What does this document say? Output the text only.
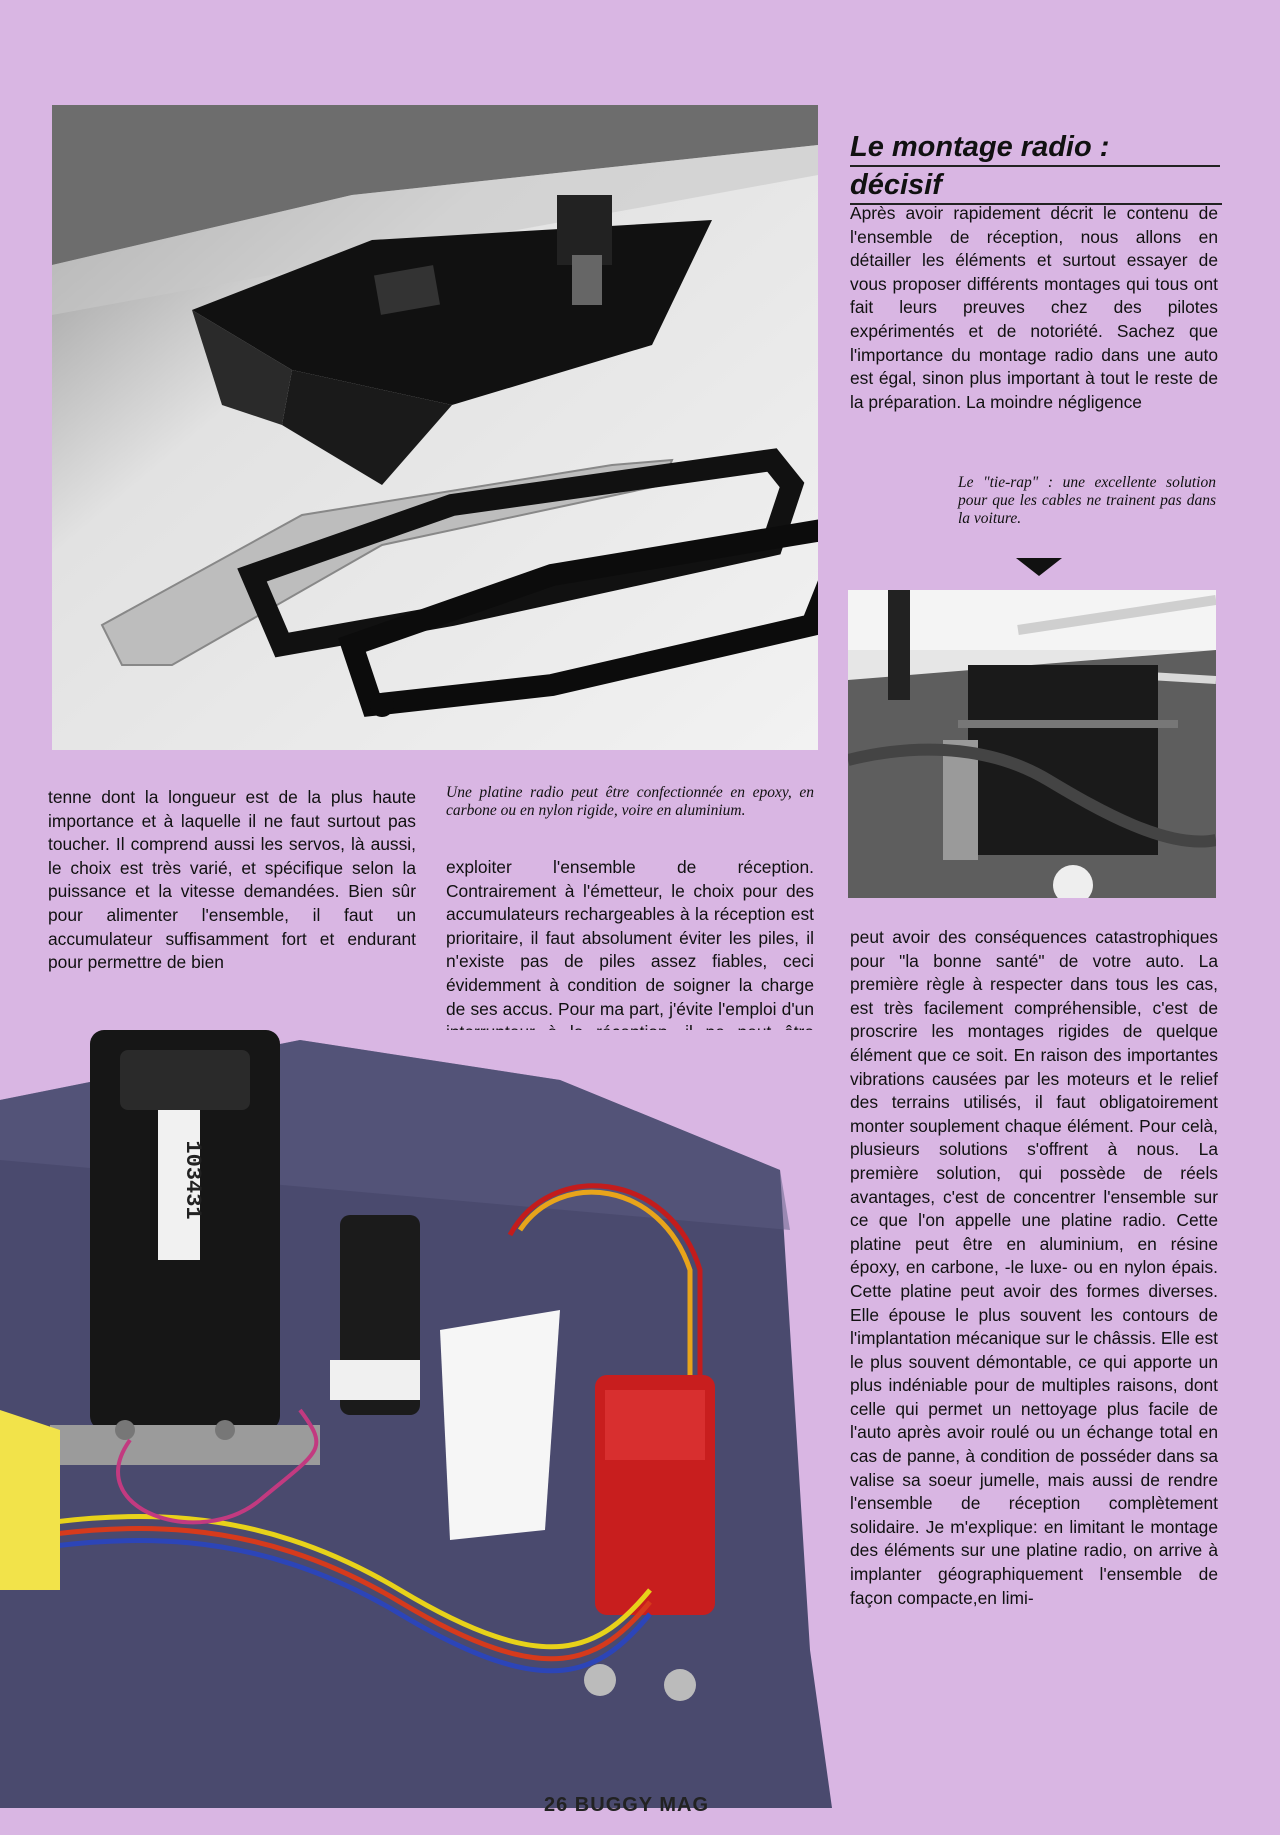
Le montage radio :
décisif

Après avoir rapidement décrit le contenu de l'ensemble de réception, nous allons en détailler les éléments et surtout essayer de vous proposer différents montages qui tous ont fait leurs preuves chez des pilotes expérimentés et de notoriété. Sachez que l'importance du montage radio dans une auto est égal, sinon plus important à tout le reste de la préparation. La moindre négligence

Le "tie-rap" : une excellente solution pour que les cables ne trainent pas dans la voiture.

tenne dont la longueur est de la plus haute importance et à laquelle il ne faut surtout pas toucher. Il comprend aussi les servos, là aussi, le choix est très varié, et spécifique selon la puissance et la vitesse demandées. Bien sûr pour alimenter l'ensemble, il faut un accumulateur suffisamment fort et endurant pour permettre de bien

Une platine radio peut être confectionnée en epoxy, en carbone ou en nylon rigide, voire en aluminium.

exploiter l'ensemble de réception. Contrairement à l'émetteur, le choix pour des accumulateurs rechargeables à la réception est prioritaire, il faut absolument éviter les piles, il n'existe pas de piles assez fiables, ceci évidemment à condition de soigner la charge de ses accus. Pour ma part, j'évite l'emploi d'un

peut avoir des conséquences catastrophiques pour "la bonne santé" de votre auto. La première règle à respecter dans tous les cas, est très facilement compréhensible, c'est de proscrire les montages rigides de quelque élément que ce soit. En raison des importantes vibrations causées par les moteurs et le relief des terrains utilisés, il faut obligatoirement monter souplement chaque élément. Pour celà, plusieurs solutions s'offrent à nous. La première solution, qui possède de réels avantages, c'est de concentrer l'ensemble sur ce que l'on appelle une platine radio. Cette platine peut être en aluminium, en résine époxy, en carbone, -le luxe- ou en nylon épais. Cette platine peut avoir des formes diverses. Elle épouse le plus souvent les contours de l'implantation mécanique sur le châssis. Elle est le plus souvent démontable, ce qui apporte un plus indéniable pour de multiples raisons, dont celle qui permet un nettoyage plus facile de l'auto après avoir roulé ou un échange total en cas de panne, à condition de posséder dans sa valise sa soeur jumelle, mais aussi de rendre l'ensemble de réception complètement solidaire. Je m'explique: en limitant le montage des éléments sur une platine radio, on arrive à implanter géographiquement l'ensemble de façon compacte,en limi-

103431
26 BUGGY MAG
